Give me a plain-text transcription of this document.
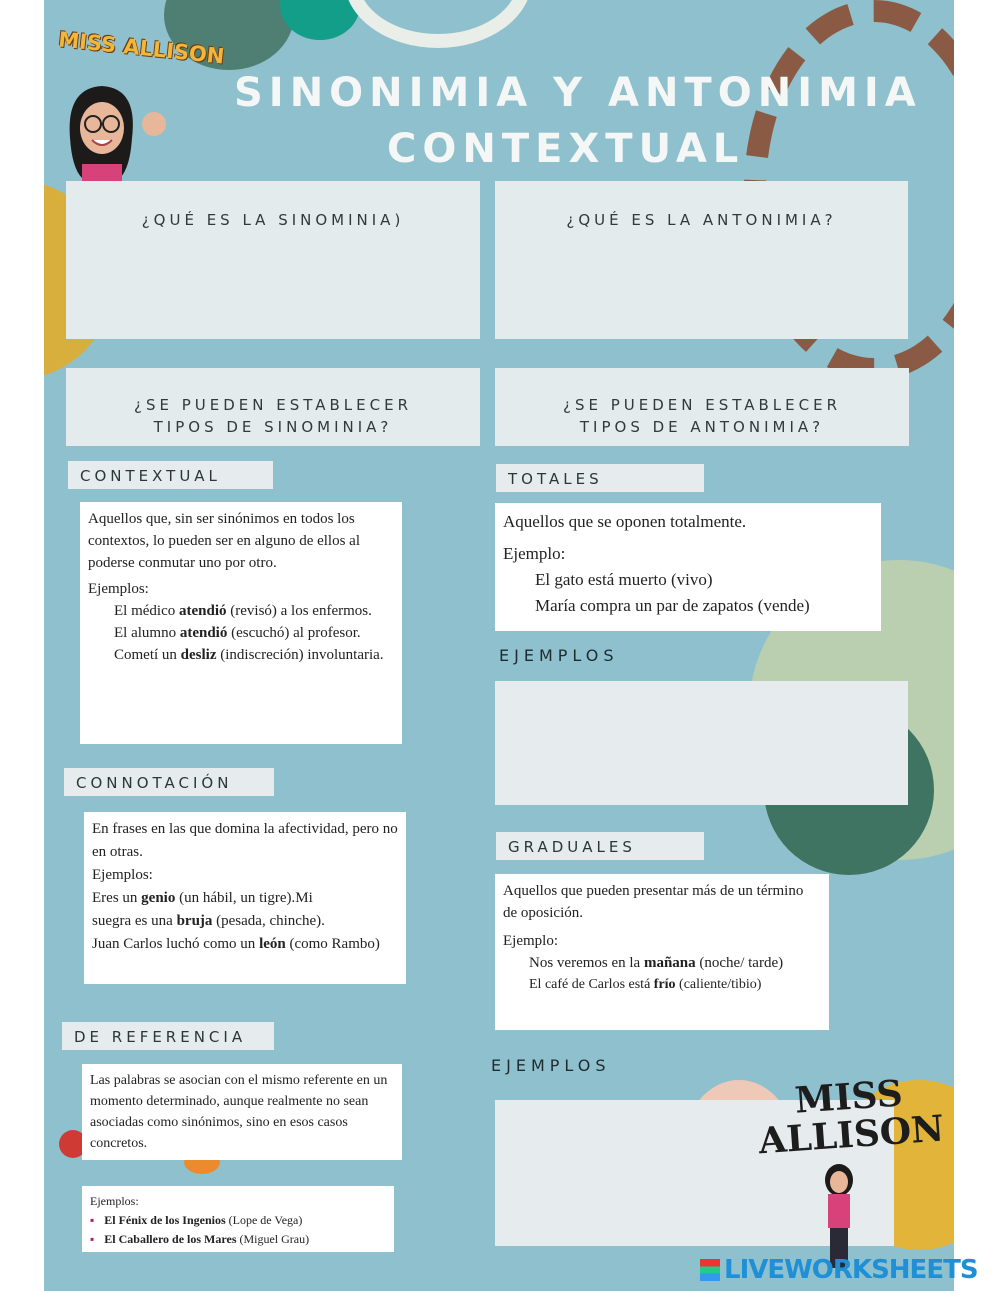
MISS ALLISON
SINONIMIA Y ANTONIMIA
CONTEXTUAL
¿QUÉ ES LA SINOMINIA)	¿QUÉ ES LA ANTONIMIA?
¿SE PUEDEN ESTABLECER
TIPOS DE SINOMINIA?
¿SE PUEDEN ESTABLECER
TIPOS DE ANTONIMIA?
CONTEXTUAL

Aquellos que, sin ser sinónimos en todos los contextos, lo pueden ser en alguno de ellos al poderse conmutar uno por otro.

Ejemplos:

El médico atendió (revisó) a los enfermos.

El alumno atendió (escuchó) al profesor.

Cometí un desliz (indiscreción) involuntaria.

CONNOTACIÓN

En frases en las que domina la afectividad, pero no en otras.

Ejemplos:

Eres un genio (un hábil, un tigre).Mi

suegra es una bruja (pesada, chinche).

Juan Carlos luchó como un león (como Rambo)

DE REFERENCIA

Las palabras se asocian con el mismo referente en un momento determinado, aunque realmente no sean asociadas como sinónimos, sino en esos casos concretos.

Ejemplos:

▪ El Fénix de los Ingenios (Lope de Vega)

▪ El Caballero de los Mares (Miguel Grau)

TOTALES

Aquellos que se oponen totalmente.

Ejemplo:

El gato está muerto (vivo)

María compra un par de zapatos (vende)

EJEMPLOS
GRADUALES

Aquellos que pueden presentar más de un término de oposición.

Ejemplo:

Nos veremos en la mañana (noche/ tarde)

El café de Carlos está frío (caliente/tibio)

EJEMPLOS
MISS ALLISON
LIVEWORKSHEETS
